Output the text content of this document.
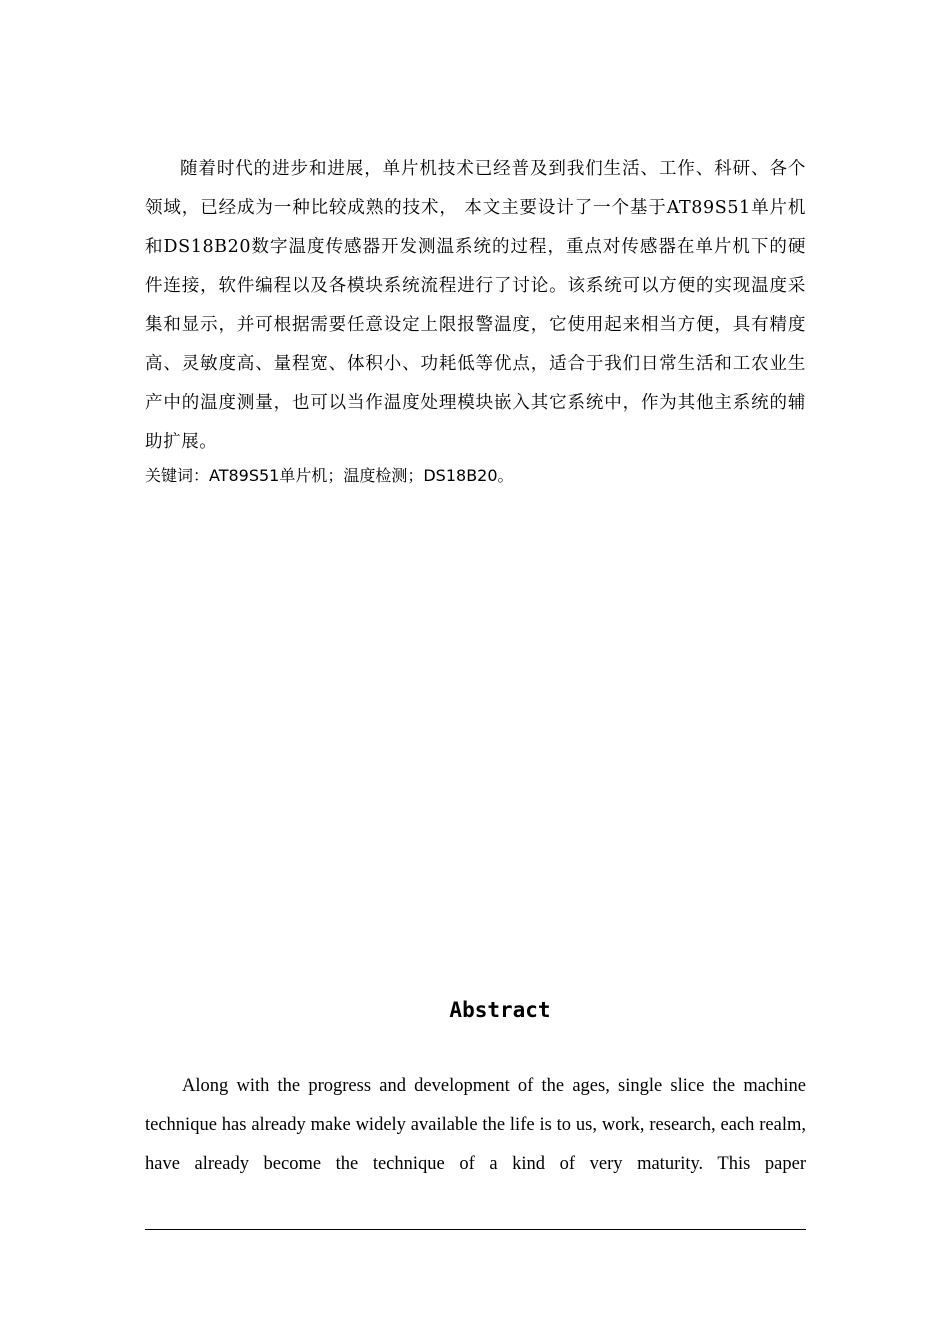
随着时代的进步和进展，单片机技术已经普及到我们生活、工作、科研、各个领域，已经成为一种比较成熟的技术， 本文主要设计了一个基于AT89S51单片机和DS18B20数字温度传感器开发测温系统的过程，重点对传感器在单片机下的硬件连接，软件编程以及各模块系统流程进行了讨论。该系统可以方便的实现温度采集和显示，并可根据需要任意设定上限报警温度，它使用起来相当方便，具有精度高、灵敏度高、量程宽、体积小、功耗低等优点，适合于我们日常生活和工农业生产中的温度测量，也可以当作温度处理模块嵌入其它系统中，作为其他主系统的辅助扩展。

关键词：AT89S51单片机；温度检测；DS18B20。

Abstract

Along with the progress and development of the ages, single slice the machine technique has already make widely available the life is to us, work, research, each realm, have already become the technique of a kind of very maturity. This paper
